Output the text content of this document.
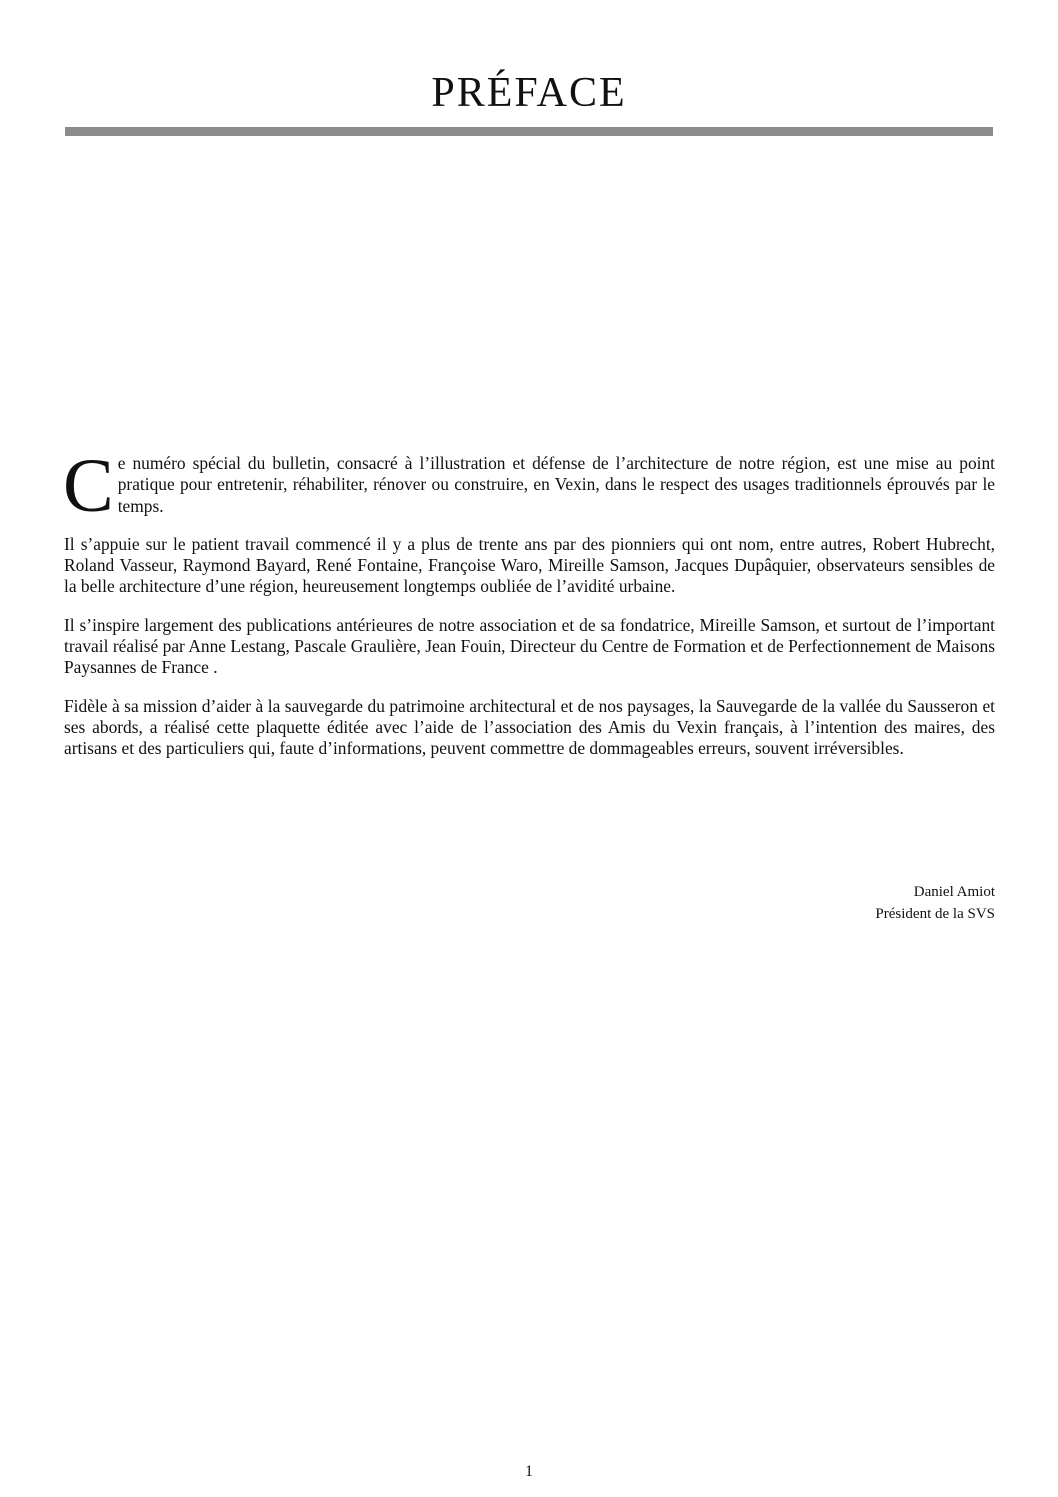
PRÉFACE

Ce numéro spécial du bulletin, consacré à l’illustration et défense de l’architecture de notre région, est une mise au point pratique pour entretenir, réhabiliter, rénover ou construire, en Vexin, dans le respect des usages traditionnels éprouvés par le temps.

Il s’appuie sur le patient travail commencé il y a plus de trente ans par des pionniers qui ont nom, entre autres, Robert Hubrecht, Roland Vasseur, Raymond Bayard, René Fontaine, Françoise Waro, Mireille Samson, Jacques Dupâquier, observateurs sensibles de la belle architecture d’une région, heureusement longtemps oubliée de l’avidité urbaine.

Il s’inspire largement des publications antérieures de notre association et de sa fondatrice, Mireille Samson, et surtout de l’important travail réalisé par Anne Lestang, Pascale Graulière, Jean Fouin, Directeur du Centre de Formation et de Perfectionnement de Maisons Paysannes de France .

Fidèle à sa mission d’aider à la sauvegarde du patrimoine architectural et de nos paysages, la Sauvegarde de la vallée du Sausseron et ses abords, a réalisé cette plaquette éditée avec l’aide de l’association des Amis du Vexin français, à l’intention des maires, des artisans et des particuliers qui, faute d’informations, peuvent commettre de dommageables erreurs, souvent irréversibles.

Daniel Amiot
Président de la SVS
1
